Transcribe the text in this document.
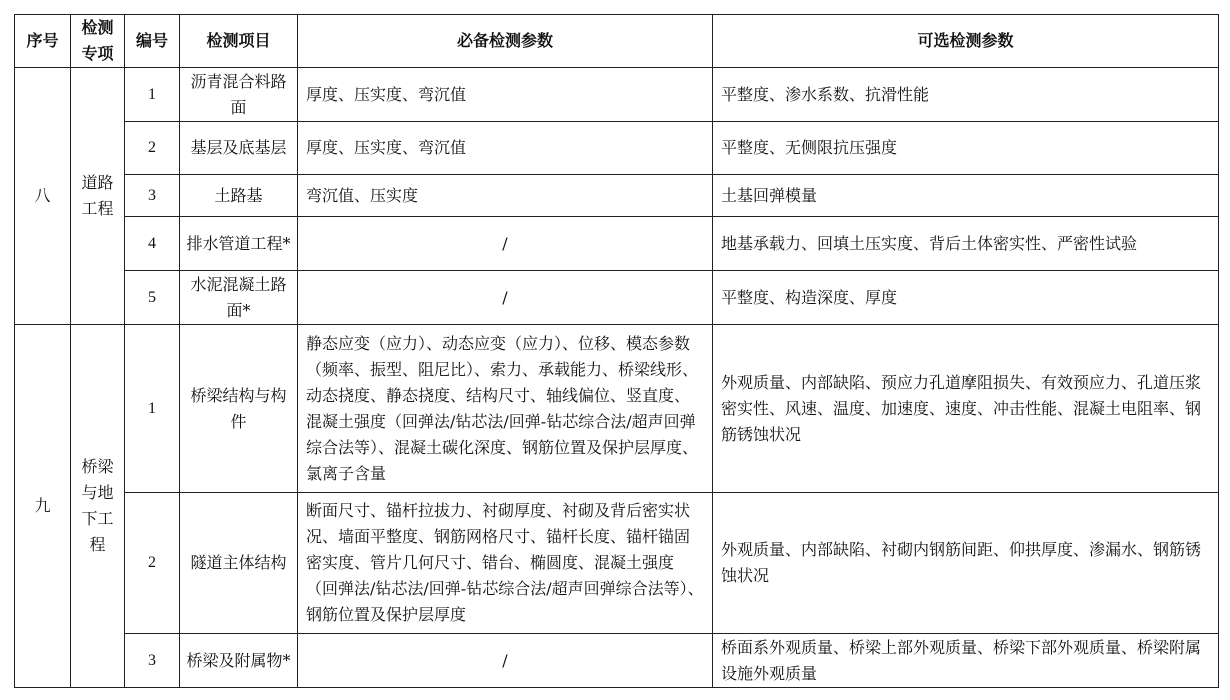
序号	检测专项	编号	检测项目	必备检测参数	可选检测参数
八	道路工程	1	沥青混合料路面	厚度、压实度、弯沉值	平整度、渗水系数、抗滑性能
		2	基层及底基层	厚度、压实度、弯沉值	平整度、无侧限抗压强度
		3	土路基	弯沉值、压实度	土基回弹模量
		4	排水管道工程*	/	地基承载力、回填土压实度、背后土体密实性、严密性试验
		5	水泥混凝土路面*	/	平整度、构造深度、厚度
九	桥梁与地下工程	1	桥梁结构与构件	静态应变（应力）、动态应变（应力）、位移、模态参数（频率、振型、阻尼比）、索力、承载能力、桥梁线形、动态挠度、静态挠度、结构尺寸、轴线偏位、竖直度、混凝土强度（回弹法/钻芯法/回弹-钻芯综合法/超声回弹综合法等）、混凝土碳化深度、钢筋位置及保护层厚度、氯离子含量	外观质量、内部缺陷、预应力孔道摩阻损失、有效预应力、孔道压浆密实性、风速、温度、加速度、速度、冲击性能、混凝土电阻率、钢筋锈蚀状况
		2	隧道主体结构	断面尺寸、锚杆拉拔力、衬砌厚度、衬砌及背后密实状况、墙面平整度、钢筋网格尺寸、锚杆长度、锚杆锚固密实度、管片几何尺寸、错台、椭圆度、混凝土强度（回弹法/钻芯法/回弹-钻芯综合法/超声回弹综合法等）、钢筋位置及保护层厚度	外观质量、内部缺陷、衬砌内钢筋间距、仰拱厚度、渗漏水、钢筋锈蚀状况
		3	桥梁及附属物*	/	桥面系外观质量、桥梁上部外观质量、桥梁下部外观质量、桥梁附属设施外观质量
